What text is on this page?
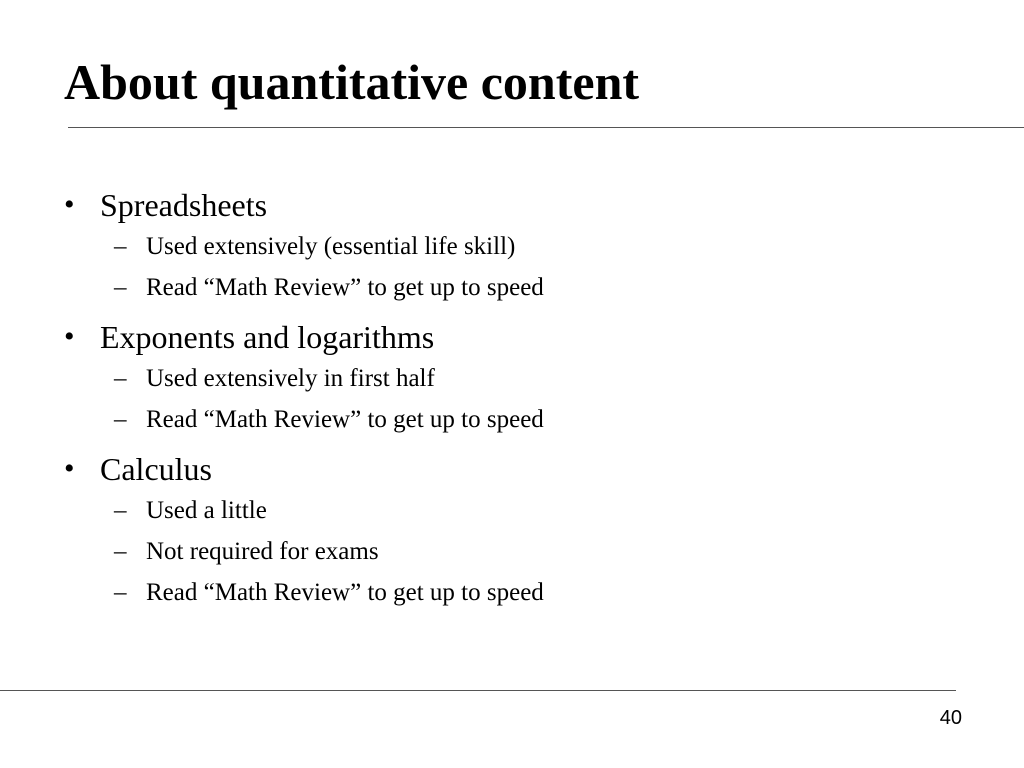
About quantitative content
• Spreadsheets
– Used extensively (essential life skill)
– Read “Math Review” to get up to speed
• Exponents and logarithms
– Used extensively in first half
– Read “Math Review” to get up to speed
• Calculus
– Used a little
– Not required for exams
– Read “Math Review” to get up to speed
40
